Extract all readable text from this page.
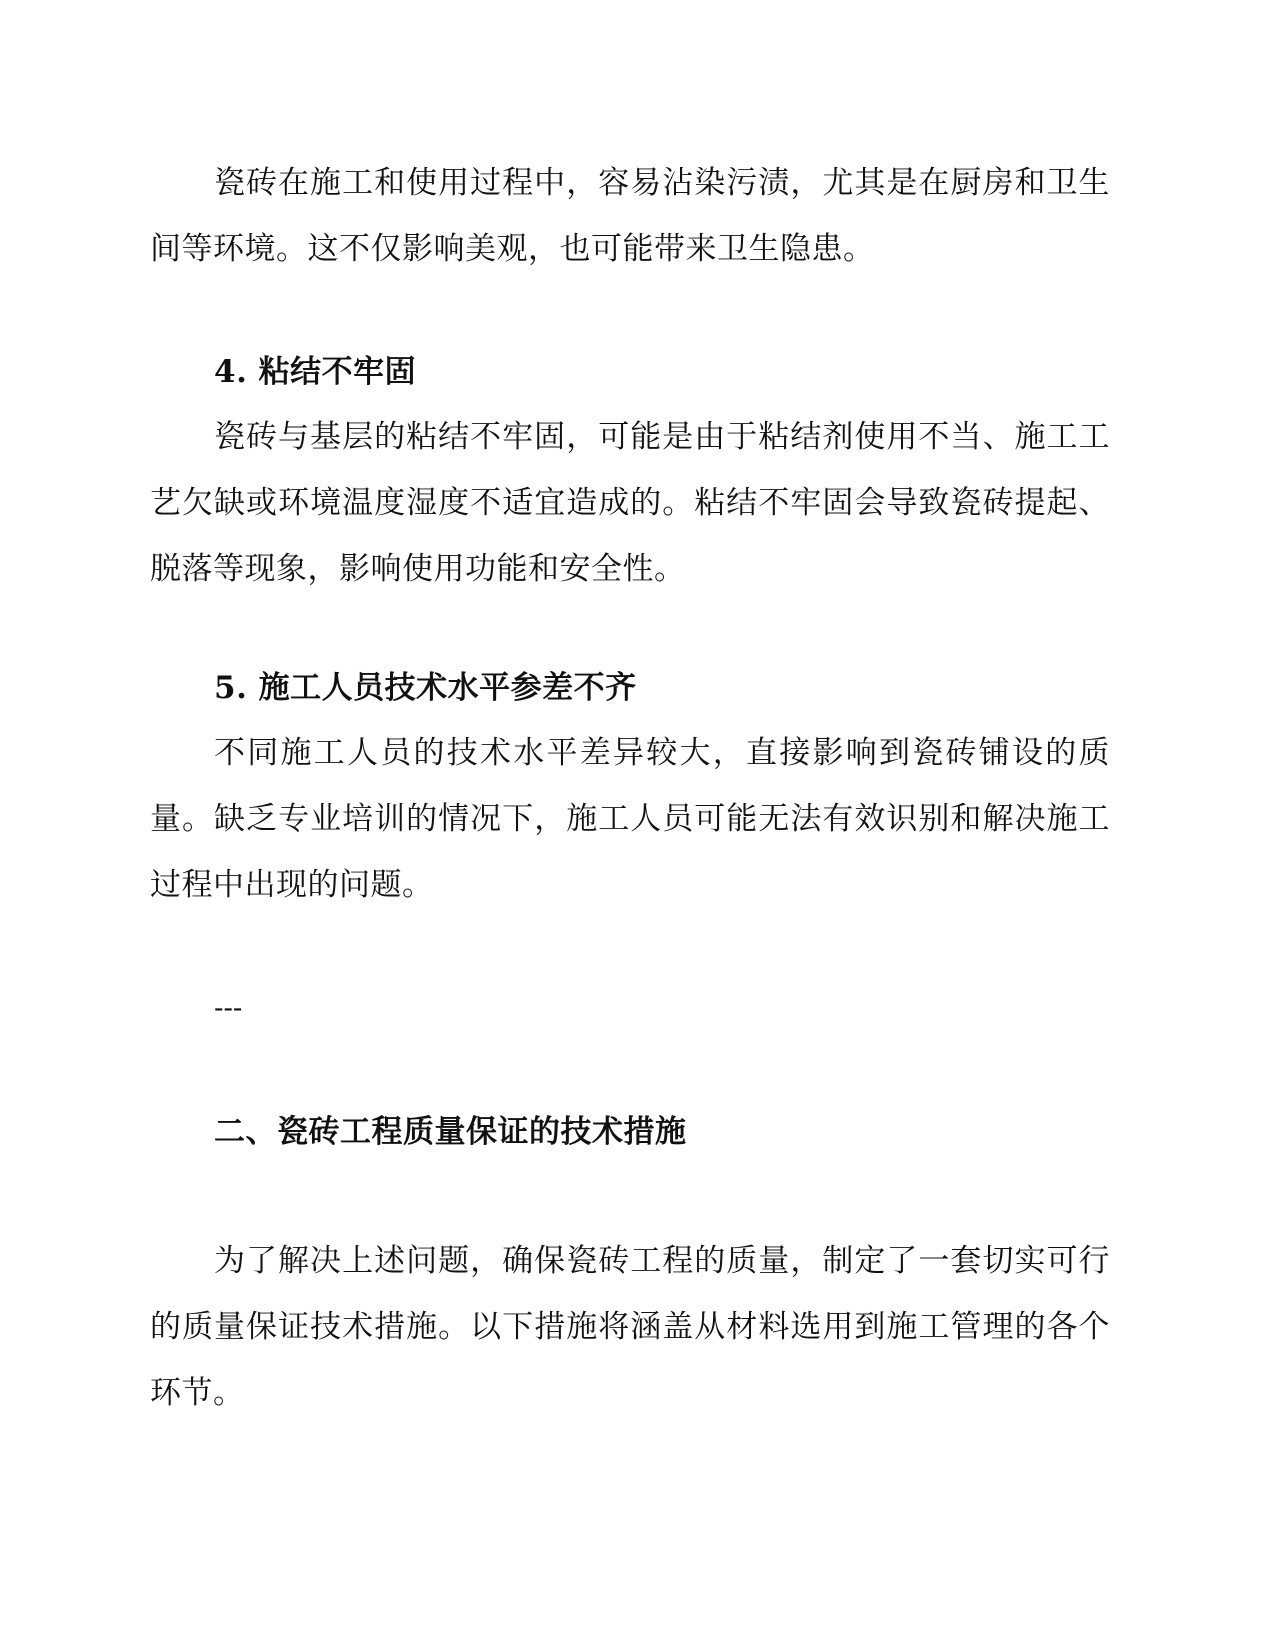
瓷砖在施工和使用过程中，容易沾染污渍，尤其是在厨房和卫生间等环境。这不仅影响美观，也可能带来卫生隐患。

4. 粘结不牢固

瓷砖与基层的粘结不牢固，可能是由于粘结剂使用不当、施工工艺欠缺或环境温度湿度不适宜造成的。粘结不牢固会导致瓷砖提起、脱落等现象，影响使用功能和安全性。

5. 施工人员技术水平参差不齐

不同施工人员的技术水平差异较大，直接影响到瓷砖铺设的质量。缺乏专业培训的情况下，施工人员可能无法有效识别和解决施工过程中出现的问题。

---
二、瓷砖工程质量保证的技术措施

为了解决上述问题，确保瓷砖工程的质量，制定了一套切实可行的质量保证技术措施。以下措施将涵盖从材料选用到施工管理的各个环节。
